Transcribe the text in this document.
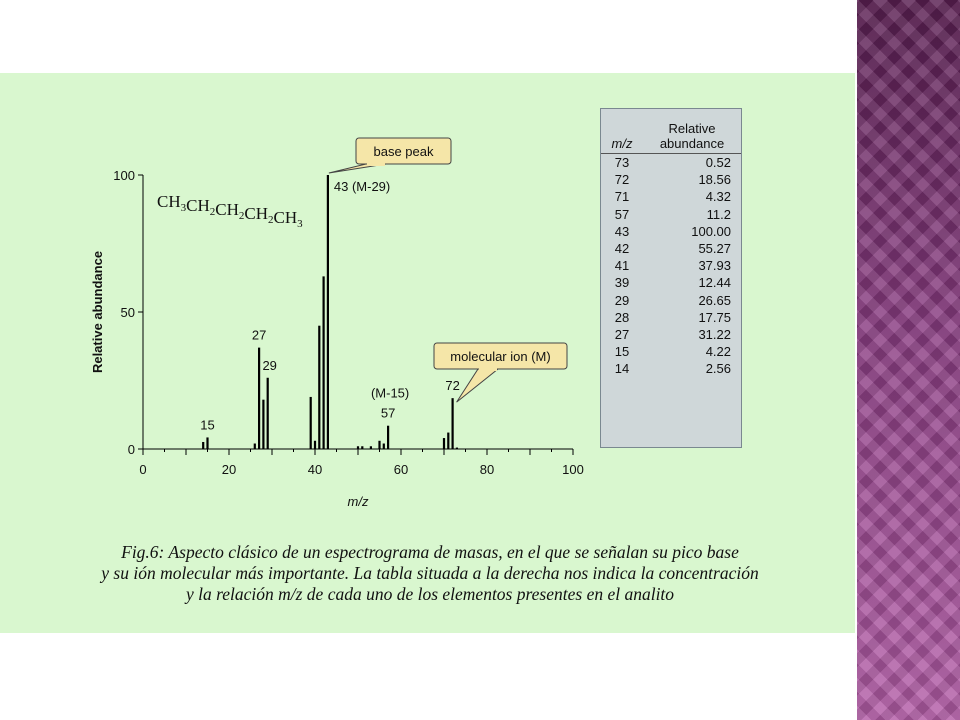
0
50
100
0	20	40	60	80	100
Relative abundance
m/z
$CH_3CH_2CH_2CH_2CH_3$
15
27
29
43 (M-29)
57
(M-15)
72
base peak
molecular ion (M)
	Relative
m/z	abundance
73	0.52
72	18.56
71	4.32
57	11.2
43	100.00
42	55.27
41	37.93
39	12.44
29	26.65
28	17.75
27	31.22
15	4.22
14	2.56
Fig.6: Aspecto clásico de un espectrograma de masas, en el que se señalan su pico base
y su ión molecular más importante. La tabla situada a la derecha nos indica la concentración
y la relación m/z de cada uno de los elementos presentes en el analito
